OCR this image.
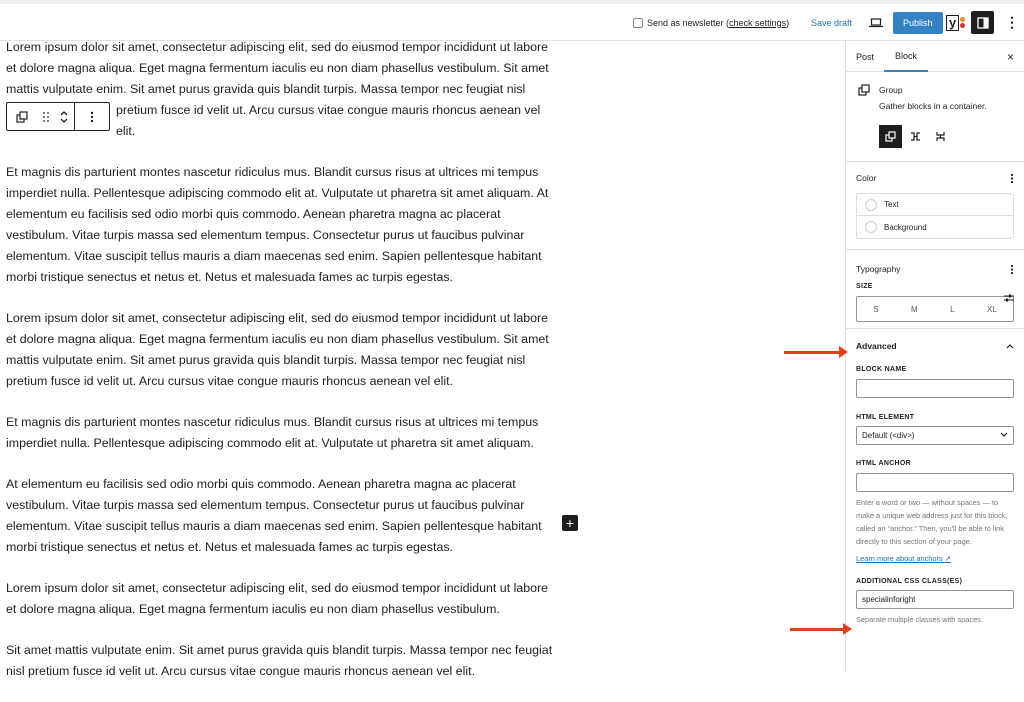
Send as newsletter ( check settings ) Save draft	Publish	y	⋮

Lorem ipsum dolor sit amet, consectetur adipiscing elit, sed do eiusmod tempor incididunt ut labore et dolore magna aliqua. Eget magna fermentum iaculis eu non diam phasellus vestibulum. Sit amet mattis vulputate enim. Sit amet purus gravida quis blandit turpis. Massa tempor nec feugiat nisl pretium fusce id velit ut. Arcu cursus vitae congue mauris rhoncus aenean vel elit.

Et magnis dis parturient montes nascetur ridiculus mus. Blandit cursus risus at ultrices mi tempus imperdiet nulla. Pellentesque adipiscing commodo elit at. Vulputate ut pharetra sit amet aliquam. At elementum eu facilisis sed odio morbi quis commodo. Aenean pharetra magna ac placerat vestibulum. Vitae turpis massa sed elementum tempus. Consectetur purus ut faucibus pulvinar elementum. Vitae suscipit tellus mauris a diam maecenas sed enim. Sapien pellentesque habitant morbi tristique senectus et netus et. Netus et malesuada fames ac turpis egestas.

Lorem ipsum dolor sit amet, consectetur adipiscing elit, sed do eiusmod tempor incididunt ut labore et dolore magna aliqua. Eget magna fermentum iaculis eu non diam phasellus vestibulum. Sit amet mattis vulputate enim. Sit amet purus gravida quis blandit turpis. Massa tempor nec feugiat nisl pretium fusce id velit ut. Arcu cursus vitae congue mauris rhoncus aenean vel elit.

Et magnis dis parturient montes nascetur ridiculus mus. Blandit cursus risus at ultrices mi tempus imperdiet nulla. Pellentesque adipiscing commodo elit at. Vulputate ut pharetra sit amet aliquam.

At elementum eu facilisis sed odio morbi quis commodo. Aenean pharetra magna ac placerat vestibulum. Vitae turpis massa sed elementum tempus. Consectetur purus ut faucibus pulvinar elementum. Vitae suscipit tellus mauris a diam maecenas sed enim. Sapien pellentesque habitant morbi tristique senectus et netus et. Netus et malesuada fames ac turpis egestas.

Lorem ipsum dolor sit amet, consectetur adipiscing elit, sed do eiusmod tempor incididunt ut labore et dolore magna aliqua. Eget magna fermentum iaculis eu non diam phasellus vestibulum.

Sit amet mattis vulputate enim. Sit amet purus gravida quis blandit turpis. Massa tempor nec feugiat nisl pretium fusce id velit ut. Arcu cursus vitae congue mauris rhoncus aenean vel elit.

+
Post	Block	×
Group
Gather blocks in a container.
Color
Text
Background
Typography
SIZE
S	M	L	XL
Advanced
BLOCK NAME
HTML ELEMENT
Default (<div>)
HTML ANCHOR
Enter a word or two — without spaces — to make a unique web address just for this block, called an “anchor.” Then, you'll be able to link directly to this section of your page.
Learn more about anchors ↗
ADDITIONAL CSS CLASS(ES)
specialinforight
Separate multiple classes with spaces.
